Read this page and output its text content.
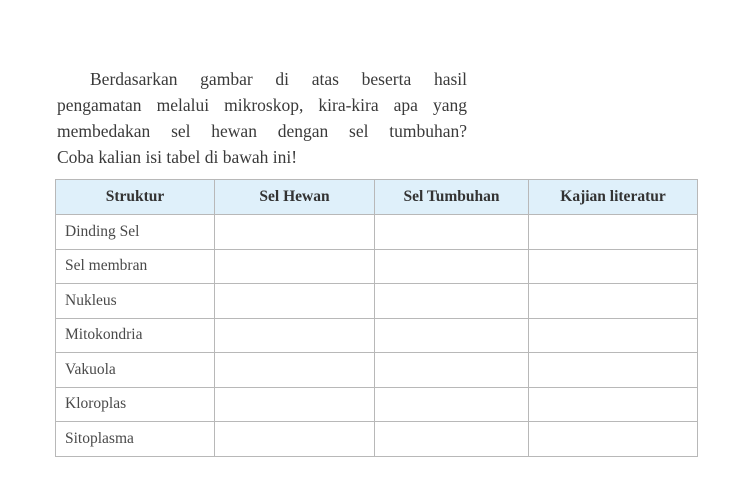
Berdasarkan gambar di atas beserta hasil
pengamatan melalui mikroskop, kira-kira apa yang
membedakan sel hewan dengan sel tumbuhan?
Coba kalian isi tabel di bawah ini!
Struktur	Sel Hewan	Sel Tumbuhan	Kajian literatur
Dinding Sel			
Sel membran			
Nukleus			
Mitokondria			
Vakuola			
Kloroplas			
Sitoplasma			
